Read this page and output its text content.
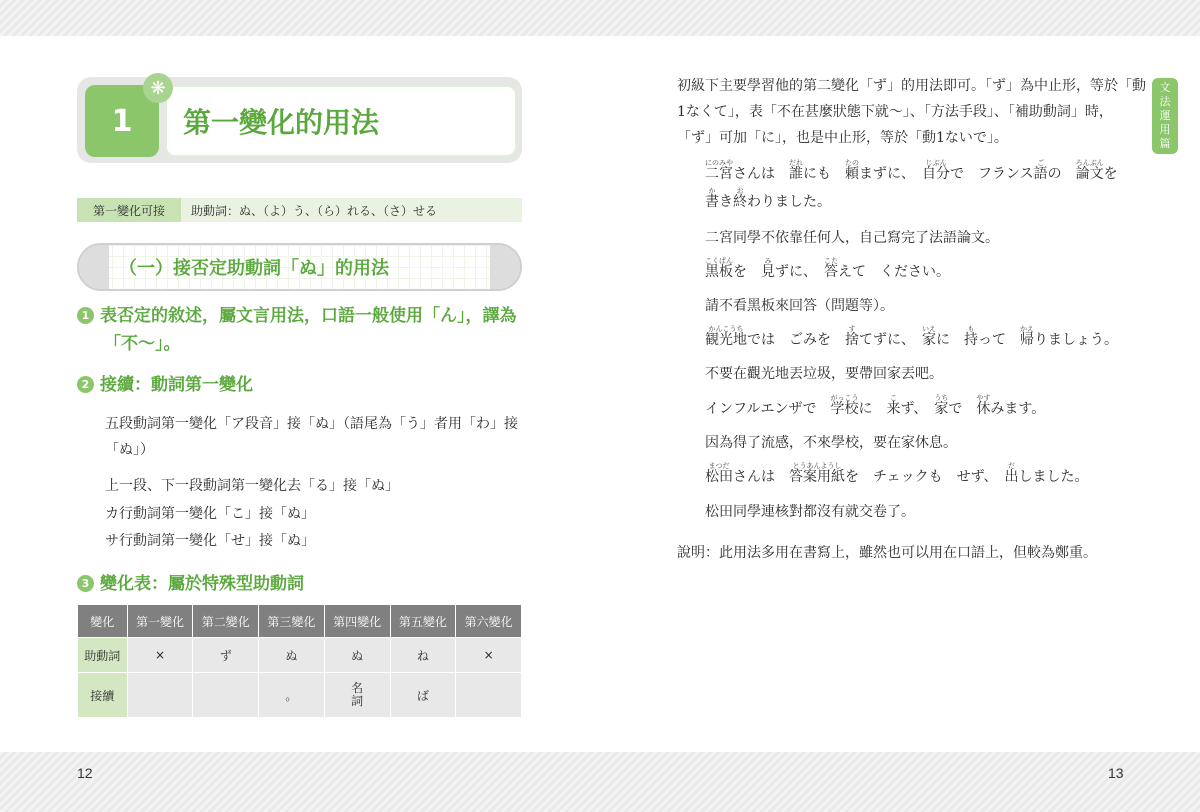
12	13
1	第一變化的用法
❋
第一變化可接	助動詞：ぬ、（よ）う、（ら）れる、（さ）せる
（一）接否定助動詞「ぬ」的用法
1 表否定的敘述，屬文言用法，口語一般使用「ん」，譯為
「不～」。
2 接續：動詞第一變化
五段動詞第一變化「ア段音」接「ぬ」（語尾為「う」者用「わ」接
「ぬ」）
上一段、下一段動詞第一變化去「る」接「ぬ」
カ行動詞第一變化「こ」接「ぬ」
サ行動詞第一變化「せ」接「ぬ」
3 變化表：屬於特殊型助動詞
變化	第一變化	第二變化	第三變化	第四變化	第五變化	第六變化
助動詞	×	ず	ぬ	ぬ	ね	×
接續			。	名詞	ば	
文
法
運
用
篇
初級下主要學習他的第二變化「ず」的用法即可。「ず」為中止形，等於「動
1なくて」，表「不在甚麼狀態下就～」、「方法手段」、「補助動詞」時，
「ず」可加「に」，也是中止形，等於「動1ないで」。
二宮
にのみや
さんは　誰
だれ
にも　頼
たの
まずに、　自分
じぶん
で　フランス語
ご
の　論文
ろんぶん
を
書
か
き終
お
わりました。
二宮同學不依靠任何人，自己寫完了法語論文。
黒板
こくばん
を　見
み
ずに、　答
こた
えて　ください。
請不看黑板來回答（問題等）。
観光地
かんこうち
では　ごみを　捨
す
てずに、　家
いえ
に　持
も
って　帰
かえ
りましょう。
不要在觀光地丟垃圾，要帶回家丟吧。
インフルエンザで　学校
がっこう
に　来
こ
ず、　家
うち
で　休
やす
みます。
因為得了流感，不來學校，要在家休息。
松田
まつだ
さんは　答案用紙
とうあんようし
を　チェックも　せず、　出
だ
しました。
松田同學連核對都沒有就交卷了。
說明：此用法多用在書寫上，雖然也可以用在口語上，但較為鄭重。
